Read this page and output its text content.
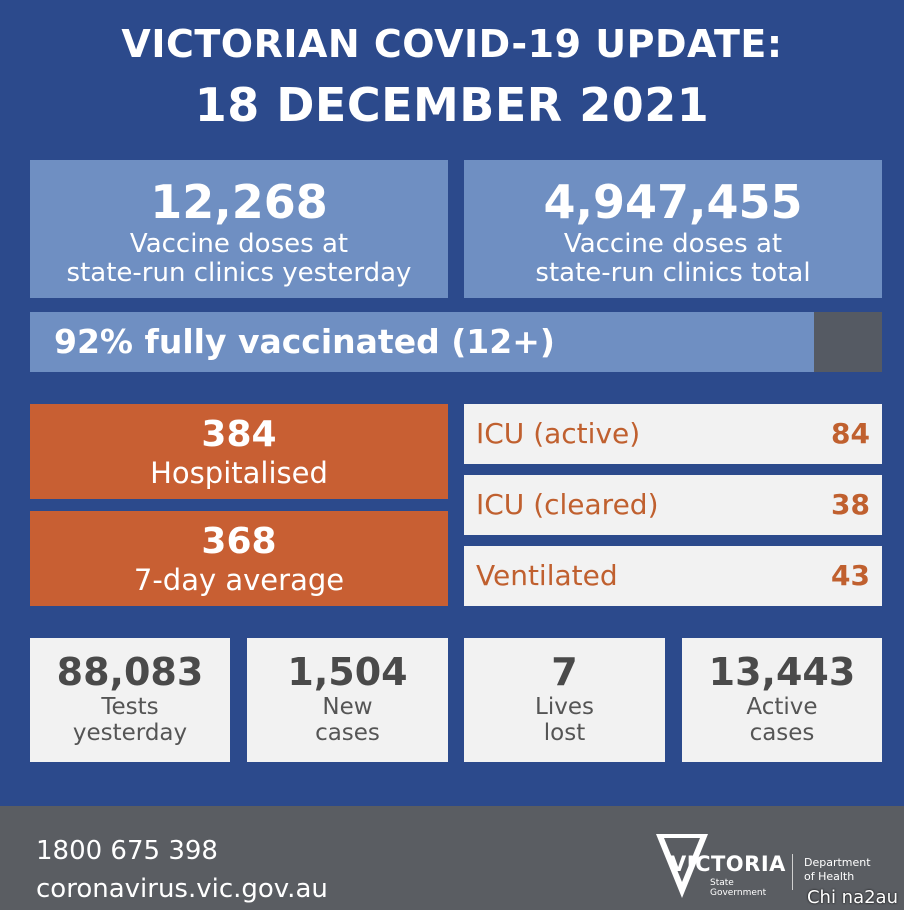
VICTORIAN COVID-19 UPDATE:
18 DECEMBER 2021
12,268
Vaccine doses at
state-run clinics yesterday
4,947,455
Vaccine doses at
state-run clinics total
92% fully vaccinated (12+)
384
Hospitalised
368
7-day average
ICU (active)	84
ICU (cleared)	38
Ventilated	43
88,083
Tests
yesterday
1,504
New
cases
7
Lives
lost
13,443
Active
cases
1800 675 398
coronavirus.vic.gov.au
VICTORIA
State
Government
Department
of Health
Chi na2au
